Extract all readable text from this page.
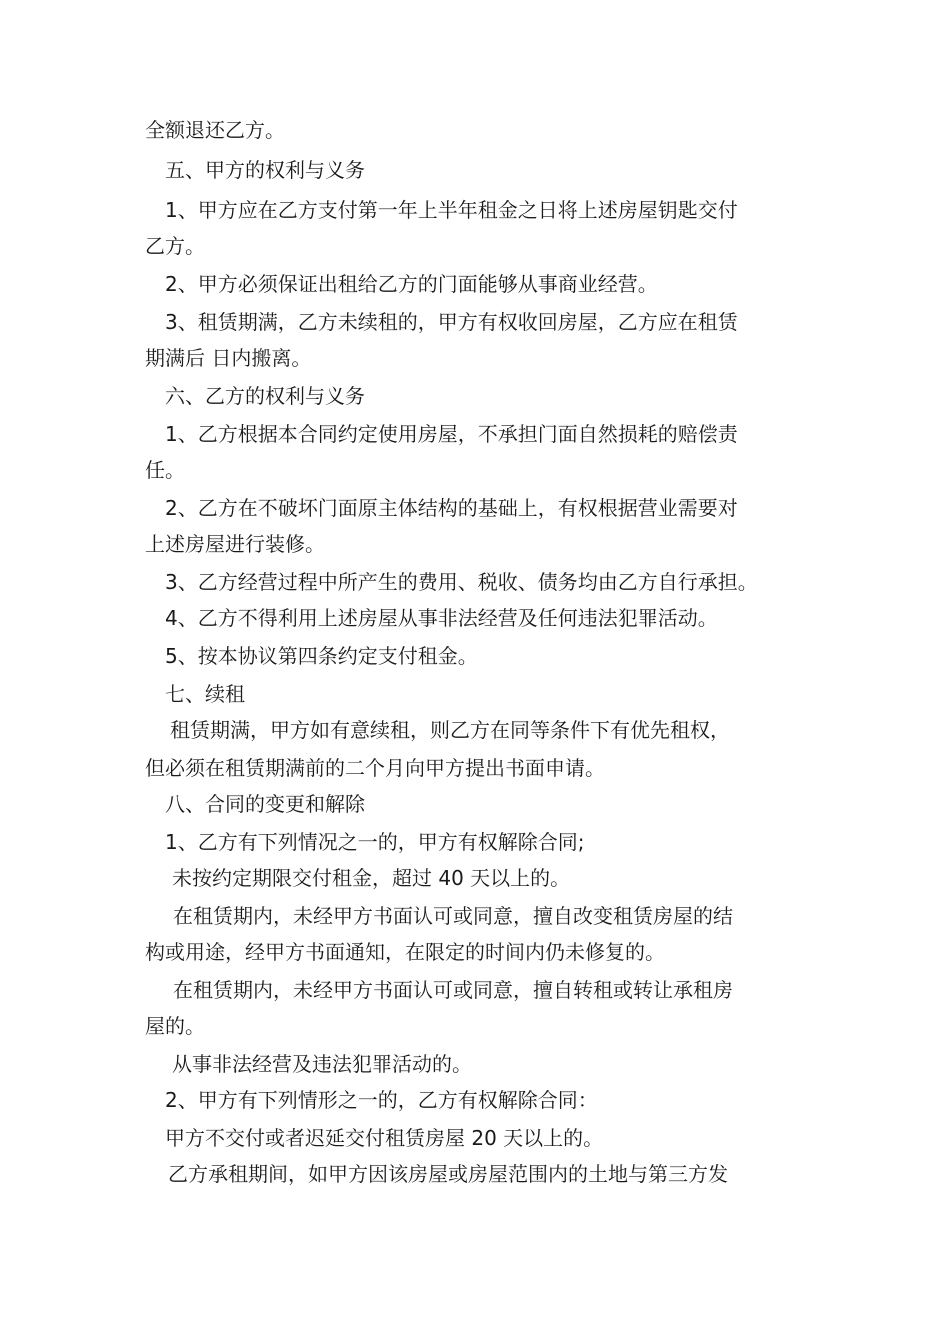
全额退还乙方。
五、甲方的权利与义务
1、甲方应在乙方支付第一年上半年租金之日将上述房屋钥匙交付
乙方。
2、甲方必须保证出租给乙方的门面能够从事商业经营。
3、租赁期满，乙方未续租的，甲方有权收回房屋，乙方应在租赁
期满后 日内搬离。
六、乙方的权利与义务
1、乙方根据本合同约定使用房屋，不承担门面自然损耗的赔偿责
任。
2、乙方在不破坏门面原主体结构的基础上，有权根据营业需要对
上述房屋进行装修。
3、乙方经营过程中所产生的费用、税收、债务均由乙方自行承担。
4、乙方不得利用上述房屋从事非法经营及任何违法犯罪活动。
5、按本协议第四条约定支付租金。
七、续租
租赁期满，甲方如有意续租，则乙方在同等条件下有优先租权，
但必须在租赁期满前的二个月向甲方提出书面申请。
八、合同的变更和解除
1、乙方有下列情况之一的，甲方有权解除合同;
未按约定期限交付租金，超过 40 天以上的。
在租赁期内，未经甲方书面认可或同意，擅自改变租赁房屋的结
构或用途，经甲方书面通知，在限定的时间内仍未修复的。
在租赁期内，未经甲方书面认可或同意，擅自转租或转让承租房
屋的。
从事非法经营及违法犯罪活动的。
2、甲方有下列情形之一的，乙方有权解除合同：
甲方不交付或者迟延交付租赁房屋 20 天以上的。
乙方承租期间，如甲方因该房屋或房屋范围内的土地与第三方发
